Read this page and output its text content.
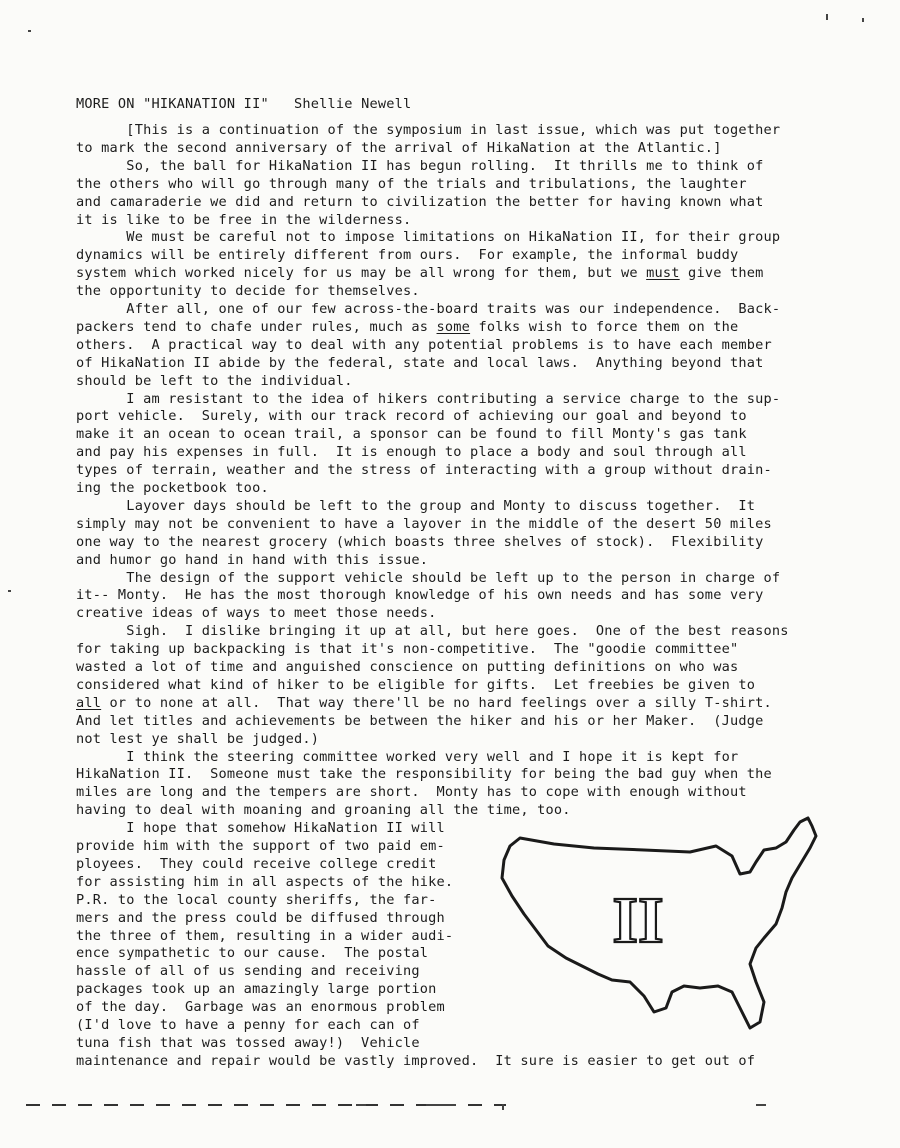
MORE ON "HIKANATION II" Shellie Newell
[This is a continuation of the symposium in last issue, which was put together
to mark the second anniversary of the arrival of HikaNation at the Atlantic.]
So, the ball for HikaNation II has begun rolling.  It thrills me to think of
the others who will go through many of the trials and tribulations, the laughter
and camaraderie we did and return to civilization the better for having known what
it is like to be free in the wilderness.
We must be careful not to impose limitations on HikaNation II, for their group
dynamics will be entirely different from ours.  For example, the informal buddy
system which worked nicely for us may be all wrong for them, but we must give them
the opportunity to decide for themselves.
After all, one of our few across-the-board traits was our independence.  Back-
packers tend to chafe under rules, much as some folks wish to force them on the
others.  A practical way to deal with any potential problems is to have each member
of HikaNation II abide by the federal, state and local laws.  Anything beyond that
should be left to the individual.
I am resistant to the idea of hikers contributing a service charge to the sup-
port vehicle.  Surely, with our track record of achieving our goal and beyond to
make it an ocean to ocean trail, a sponsor can be found to fill Monty's gas tank
and pay his expenses in full.  It is enough to place a body and soul through all
types of terrain, weather and the stress of interacting with a group without drain-
ing the pocketbook too.
Layover days should be left to the group and Monty to discuss together.  It
simply may not be convenient to have a layover in the middle of the desert 50 miles
one way to the nearest grocery (which boasts three shelves of stock).  Flexibility
and humor go hand in hand with this issue.
The design of the support vehicle should be left up to the person in charge of
it-- Monty.  He has the most thorough knowledge of his own needs and has some very
creative ideas of ways to meet those needs.
Sigh.  I dislike bringing it up at all, but here goes.  One of the best reasons
for taking up backpacking is that it's non-competitive.  The "goodie committee"
wasted a lot of time and anguished conscience on putting definitions on who was
considered what kind of hiker to be eligible for gifts.  Let freebies be given to
all or to none at all.  That way there'll be no hard feelings over a silly T-shirt.
And let titles and achievements be between the hiker and his or her Maker.  (Judge
not lest ye shall be judged.)
I think the steering committee worked very well and I hope it is kept for
HikaNation II.  Someone must take the responsibility for being the bad guy when the
miles are long and the tempers are short.  Monty has to cope with enough without
having to deal with moaning and groaning all the time, too.
I hope that somehow HikaNation II will
provide him with the support of two paid em-
ployees.  They could receive college credit
for assisting him in all aspects of the hike.
P.R. to the local county sheriffs, the far-
mers and the press could be diffused through
the three of them, resulting in a wider audi-
ence sympathetic to our cause.  The postal
hassle of all of us sending and receiving
packages took up an amazingly large portion
of the day.  Garbage was an enormous problem
(I'd love to have a penny for each can of
tuna fish that was tossed away!)  Vehicle
maintenance and repair would be vastly improved.  It sure is easier to get out of
II
